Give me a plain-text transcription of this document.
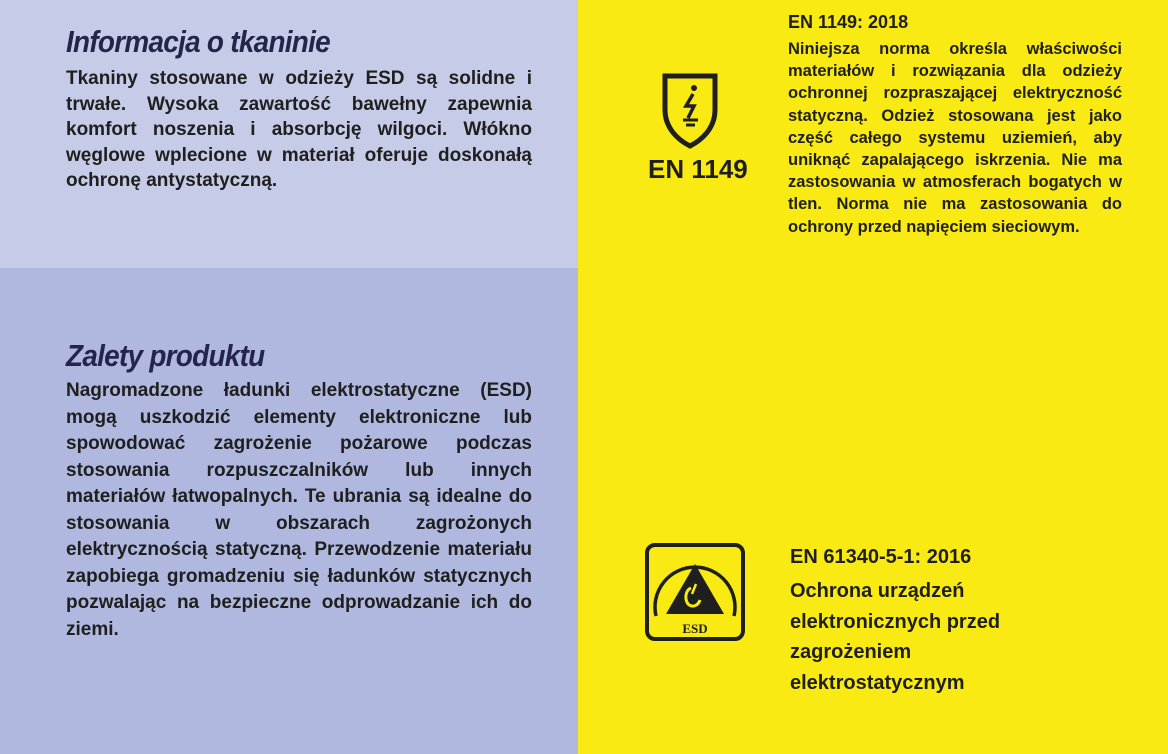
Informacja o tkaninie

Tkaniny stosowane w odzieży ESD są solidne i trwałe. Wysoka zawartość bawełny zapewnia komfort noszenia i absorbcję wilgoci. Włókno węglowe wplecione w materiał oferuje doskonałą ochronę antystatyczną.

Zalety produktu

Nagromadzone ładunki elektrostatyczne (ESD) mogą uszkodzić elementy elektroniczne lub spowodować zagrożenie pożarowe podczas stosowania rozpuszczalników lub innych materiałów łatwopalnych. Te ubrania są idealne do stosowania w obszarach zagrożonych elektrycznością statyczną. Przewodzenie materiału zapobiega gromadzeniu się ładunków statycznych pozwalając na bezpieczne odprowadzanie ich do ziemi.

EN 1149

EN 1149: 2018

Niniejsza norma określa właściwości materiałów i rozwiązania dla odzieży ochronnej rozpraszającej elektryczność statyczną. Odzież stosowana jest jako część całego systemu uziemień, aby uniknąć zapalającego iskrzenia. Nie ma zastosowania w atmosferach bogatych w tlen. Norma nie ma zastosowania do ochrony przed napięciem sieciowym.

ESD

EN 61340-5-1: 2016

Ochrona urządzeń elektronicznych przed zagrożeniem elektrostatycznym
